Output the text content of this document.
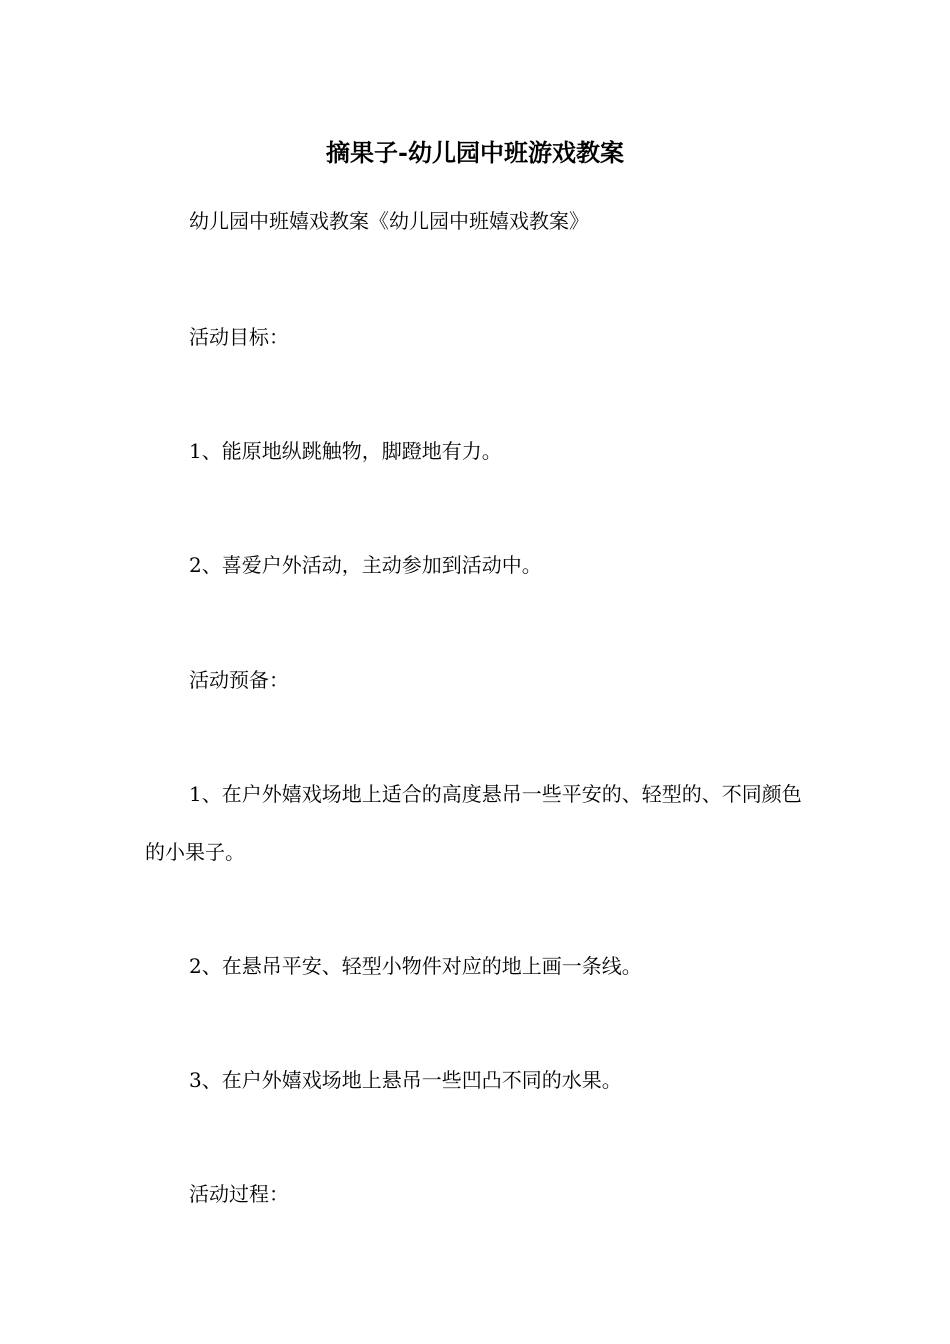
摘果子-幼儿园中班游戏教案

幼儿园中班嬉戏教案《幼儿园中班嬉戏教案》

活动目标：

1、能原地纵跳触物，脚蹬地有力。

2、喜爱户外活动，主动参加到活动中。

活动预备：

1、在户外嬉戏场地上适合的高度悬吊一些平安的、轻型的、不同颜色的小果子。

2、在悬吊平安、轻型小物件对应的地上画一条线。

3、在户外嬉戏场地上悬吊一些凹凸不同的水果。

活动过程：
